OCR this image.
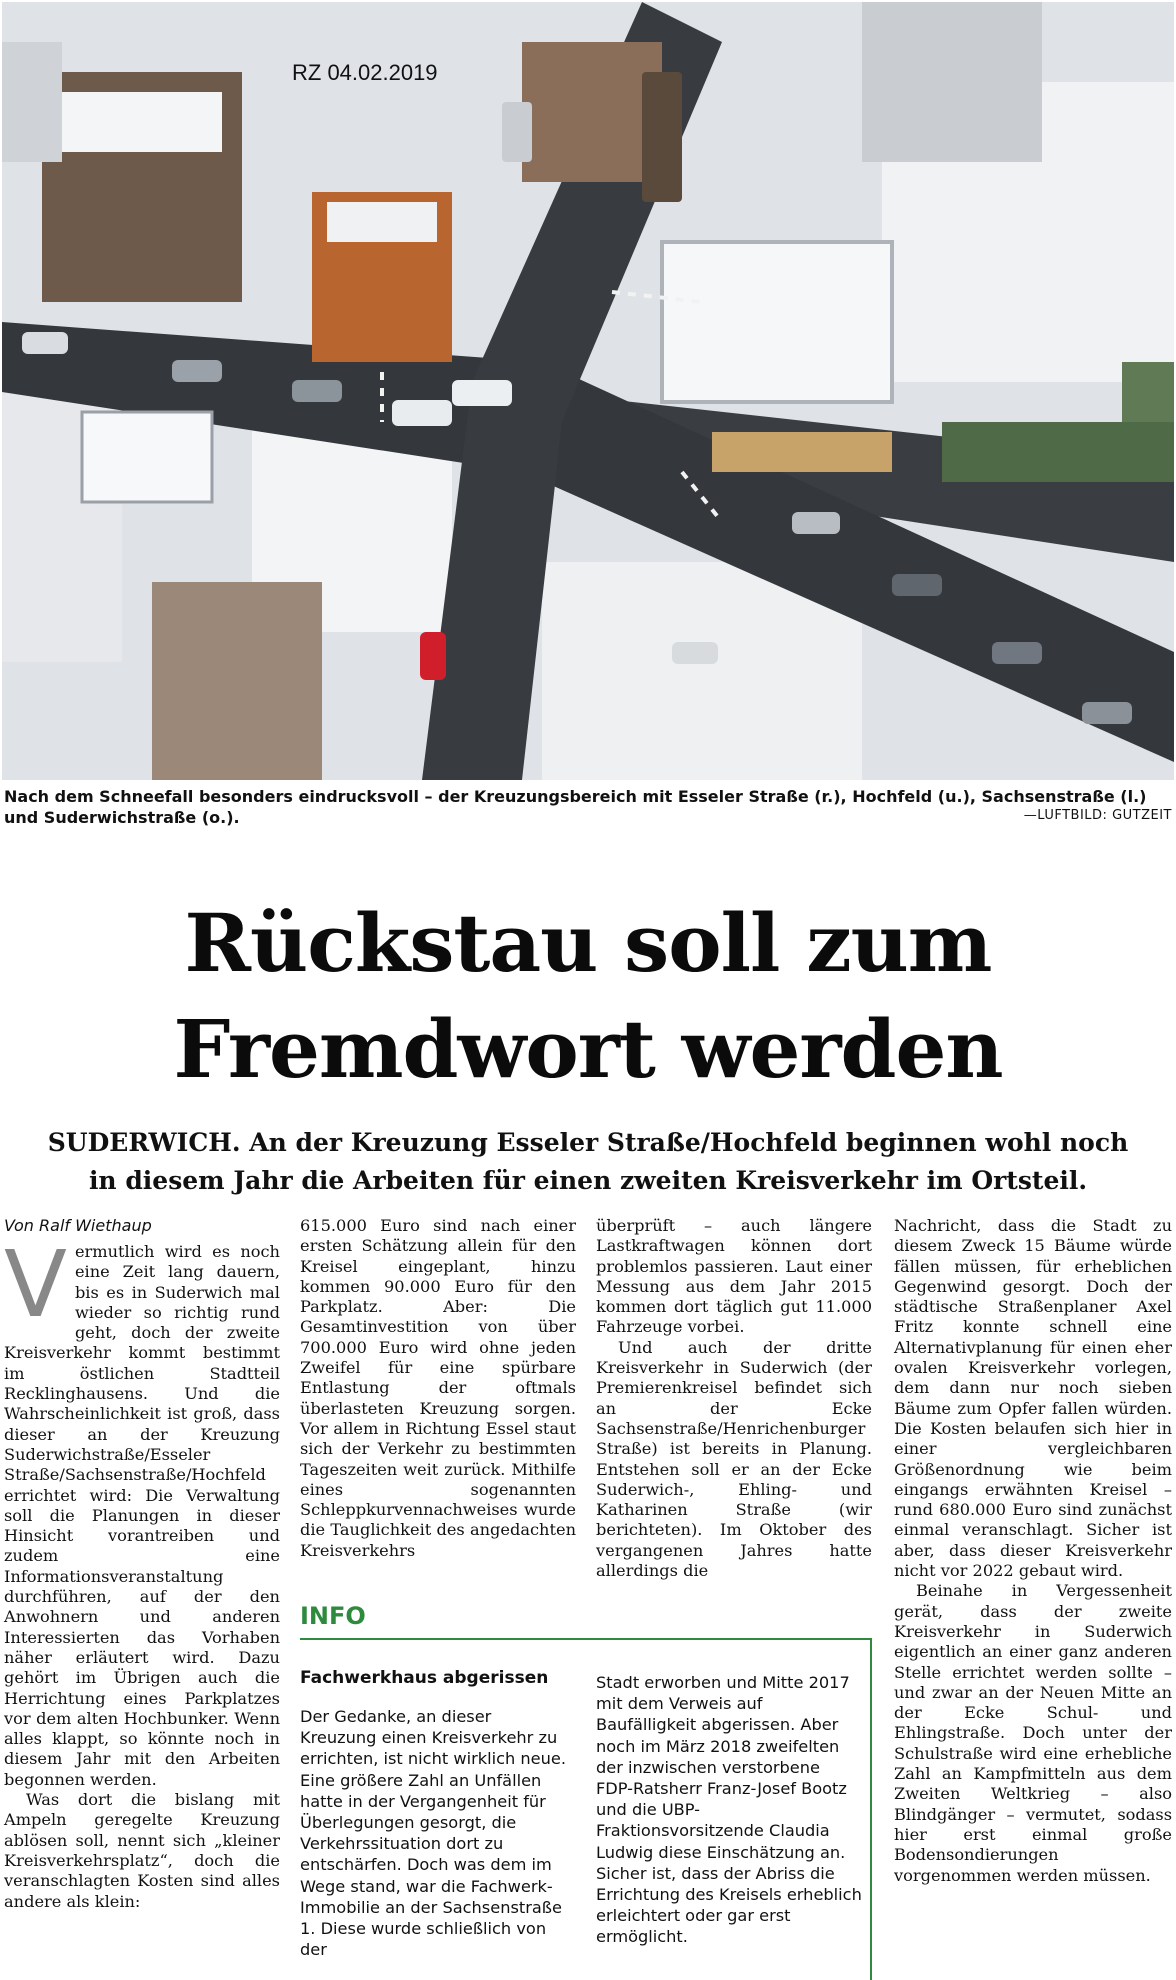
RZ 04.02.2019
Nach dem Schneefall besonders eindrucksvoll – der Kreuzungsbereich mit Esseler Straße (r.), Hochfeld (u.), Sachsenstraße (l.) und Suderwichstraße (o.).	—LUFTBILD: GUTZEIT
Rückstau soll zum
Fremdwort werden
SUDERWICH. An der Kreuzung Esseler Straße/Hochfeld beginnen wohl noch
in diesem Jahr die Arbeiten für einen zweiten Kreisverkehr im Ortsteil.
Von Ralf Wiethaup
V ermutlich wird es noch eine Zeit lang dauern, bis es in Suderwich mal wieder so richtig rund geht, doch der zweite Kreisverkehr kommt bestimmt im östlichen Stadtteil Recklinghausens. Und die Wahrscheinlichkeit ist groß, dass dieser an der Kreuzung Suderwichstraße/Esseler Straße/Sachsenstraße/Hochfeld errichtet wird: Die Verwaltung soll die Planungen in dieser Hinsicht vorantreiben und zudem eine Informationsveranstaltung durchführen, auf der den Anwohnern und anderen Interessierten das Vorhaben näher erläutert wird. Dazu gehört im Übrigen auch die Herrichtung eines Parkplatzes vor dem alten Hochbunker. Wenn alles klappt, so könnte noch in diesem Jahr mit den Arbeiten begonnen werden.

Was dort die bislang mit Ampeln geregelte Kreuzung ablösen soll, nennt sich „kleiner Kreisverkehrsplatz“, doch die veranschlagten Kosten sind alles andere als klein:

615.000 Euro sind nach einer ersten Schätzung allein für den Kreisel eingeplant, hinzu kommen 90.000 Euro für den Parkplatz. Aber: Die Gesamtinvestition von über 700.000 Euro wird ohne jeden Zweifel für eine spürbare Entlastung der oftmals überlasteten Kreuzung sorgen. Vor allem in Richtung Essel staut sich der Verkehr zu bestimmten Tageszeiten weit zurück. Mithilfe eines sogenannten Schleppkurvennachweises wurde die Tauglichkeit des angedachten Kreisverkehrs

überprüft – auch längere Lastkraftwagen können dort problemlos passieren. Laut einer Messung aus dem Jahr 2015 kommen dort täglich gut 11.000 Fahrzeuge vorbei.

Und auch der dritte Kreisverkehr in Suderwich (der Premierenkreisel befindet sich an der Ecke Sachsenstraße/Henrichenburger Straße) ist bereits in Planung. Entstehen soll er an der Ecke Suderwich-, Ehling- und Katharinen Straße (wir berichteten). Im Oktober des vergangenen Jahres hatte allerdings die

Nachricht, dass die Stadt zu diesem Zweck 15 Bäume würde fällen müssen, für erheblichen Gegenwind gesorgt. Doch der städtische Straßenplaner Axel Fritz konnte schnell eine Alternativplanung für einen eher ovalen Kreisverkehr vorlegen, dem dann nur noch sieben Bäume zum Opfer fallen würden. Die Kosten belaufen sich hier in einer vergleichbaren Größenordnung wie beim eingangs erwähnten Kreisel – rund 680.000 Euro sind zunächst einmal veranschlagt. Sicher ist aber, dass dieser Kreisverkehr nicht vor 2022 gebaut wird.

Beinahe in Vergessenheit gerät, dass der zweite Kreisverkehr in Suderwich eigentlich an einer ganz anderen Stelle errichtet werden sollte – und zwar an der Neuen Mitte an der Ecke Schul- und Ehlingstraße. Doch unter der Schulstraße wird eine erhebliche Zahl an Kampfmitteln aus dem Zweiten Weltkrieg – also Blindgänger – vermutet, sodass hier erst einmal große Bodensondierungen vorgenommen werden müssen.

INFO
Fachwerkhaus abgerissen
Der Gedanke, an dieser Kreuzung einen Kreisverkehr zu errichten, ist nicht wirklich neue. Eine größere Zahl an Unfällen hatte in der Vergangenheit für Überlegungen gesorgt, die Verkehrssituation dort zu entschärfen. Doch was dem im Wege stand, war die Fachwerk-Immobilie an der Sachsenstraße 1. Diese wurde schließlich von der
Stadt erworben und Mitte 2017 mit dem Verweis auf Baufälligkeit abgerissen. Aber noch im März 2018 zweifelten der inzwischen verstorbene FDP-Ratsherr Franz-Josef Bootz und die UBP-Fraktionsvorsitzende Claudia Ludwig diese Einschätzung an. Sicher ist, dass der Abriss die Errichtung des Kreisels erheblich erleichtert oder gar erst ermöglicht.
